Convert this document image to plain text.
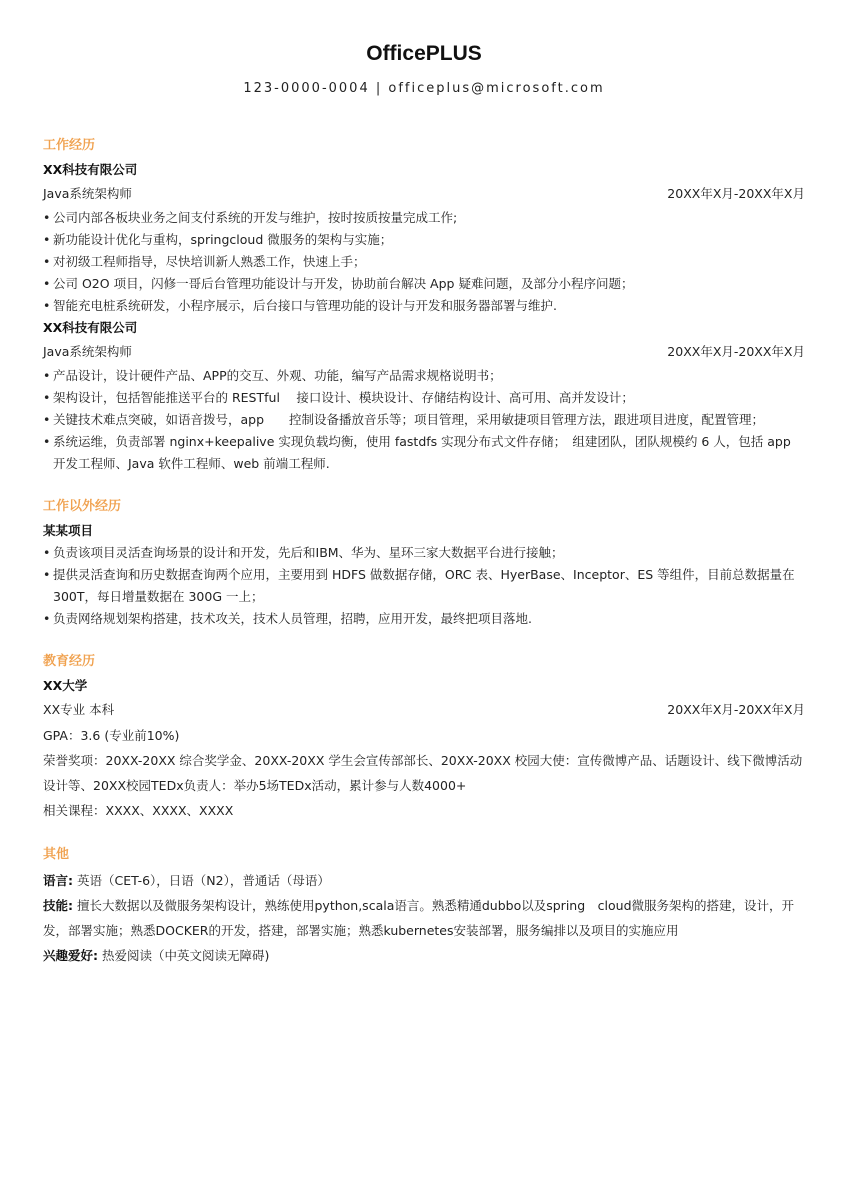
OfficePLUS
123-0000-0004 | officeplus@microsoft.com
工作经历
XX科技有限公司
Java系统架构师	20XX年X月-20XX年X月
• 公司内部各板块业务之间支付系统的开发与维护，按时按质按量完成工作;
• 新功能设计优化与重构，springcloud 微服务的架构与实施；
• 对初级工程师指导，尽快培训新人熟悉工作，快速上手；
• 公司 O2O 项目，闪修一哥后台管理功能设计与开发，协助前台解决 App 疑难问题，及部分小程序问题；
• 智能充电桩系统研发，小程序展示，后台接口与管理功能的设计与开发和服务器部署与维护.
XX科技有限公司
Java系统架构师	20XX年X月-20XX年X月
• 产品设计，设计硬件产品、APP的交互、外观、功能，编写产品需求规格说明书；
• 架构设计，包括智能推送平台的 RESTful　 接口设计、模块设计、存储结构设计、高可用、高并发设计；
• 关键技术难点突破，如语音拨号，app　　控制设备播放音乐等；项目管理，采用敏捷项目管理方法，跟进项目进度，配置管理；
• 系统运维，负责部署 nginx+keepalive 实现负载均衡，使用 fastdfs 实现分布式文件存储；　组建团队，团队规模约 6 人，包括 app 开发工程师、Java 软件工程师、web 前端工程师.
工作以外经历
某某项目
• 负责该项目灵活查询场景的设计和开发，先后和IBM、华为、星环三家大数据平台进行接触；
• 提供灵活查询和历史数据查询两个应用，主要用到 HDFS 做数据存储，ORC 表、HyerBase、Inceptor、ES 等组件，目前总数据量在 300T，每日增量数据在 300G 一上；
• 负责网络规划架构搭建，技术攻关，技术人员管理，招聘，应用开发，最终把项目落地.
教育经历
XX大学
XX专业 本科	20XX年X月-20XX年X月
GPA：3.6 (专业前10%)
荣誉奖项：20XX-20XX 综合奖学金、20XX-20XX 学生会宣传部部长、20XX-20XX 校园大使：宣传微博产品、话题设计、线下微博活动设计等、20XX校园TEDx负责人：举办5场TEDx活动，累计参与人数4000+
相关课程：XXXX、XXXX、XXXX
其他
语言: 英语（CET-6），日语（N2），普通话（母语）
技能: 擅长大数据以及微服务架构设计，熟练使用python,scala语言。熟悉精通dubbo以及spring　cloud微服务架构的搭建，设计，开发，部署实施；熟悉DOCKER的开发，搭建，部署实施；熟悉kubernetes安装部署，服务编排以及项目的实施应用
兴趣爱好: 热爱阅读（中英文阅读无障碍)
